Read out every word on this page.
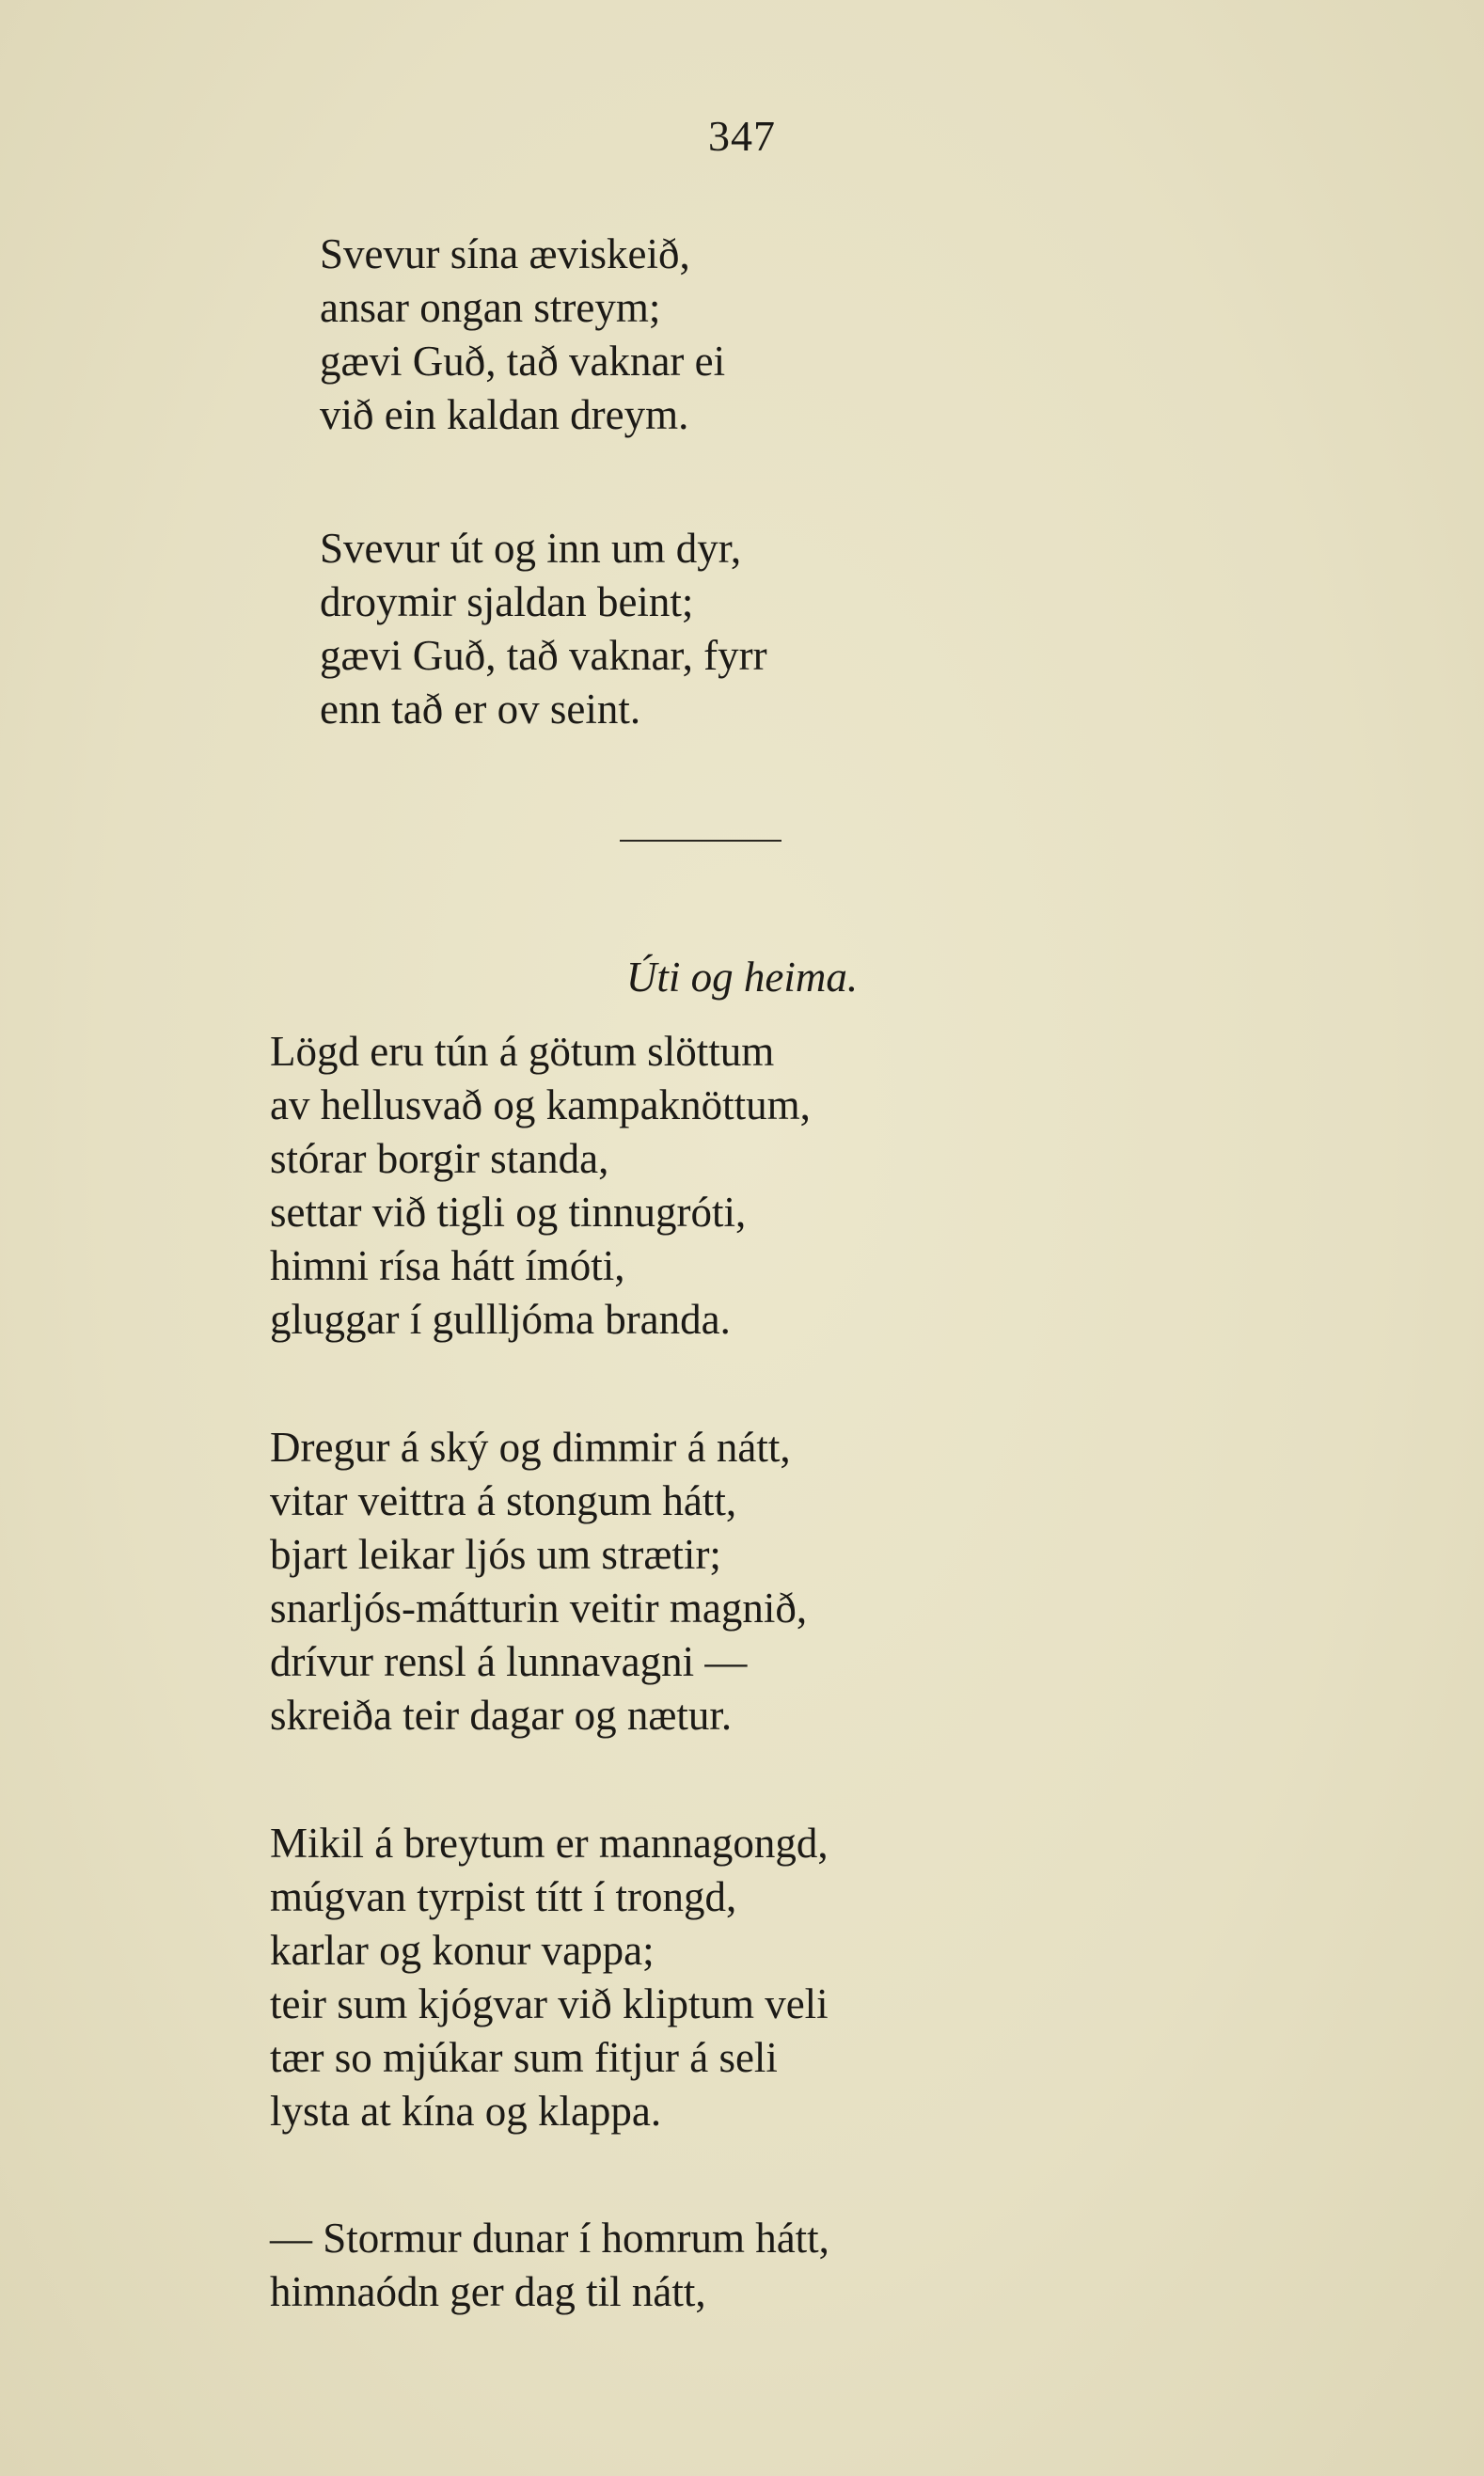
347
Svevur sína æviskeið,
ansar ongan streym;
gævi Guð, tað vaknar ei
við ein kaldan dreym.
Svevur út og inn um dyr,
droymir sjaldan beint;
gævi Guð, tað vaknar, fyrr
enn tað er ov seint.
Úti og heima.
Lögd eru tún á götum slöttum
av hellusvað og kampaknöttum,
stórar borgir standa,
settar við tigli og tinnugróti,
himni rísa hátt ímóti,
gluggar í gullljóma branda.
Dregur á ský og dimmir á nátt,
vitar veittra á stongum hátt,
bjart leikar ljós um strætir;
snarljós-mátturin veitir magnið,
drívur rensl á lunnavagni —
skreiða teir dagar og nætur.
Mikil á breytum er mannagongd,
múgvan tyrpist títt í trongd,
karlar og konur vappa;
teir sum kjógvar við kliptum veli
tær so mjúkar sum fitjur á seli
lysta at kína og klappa.
— Stormur dunar í homrum hátt,
himnaódn ger dag til nátt,
